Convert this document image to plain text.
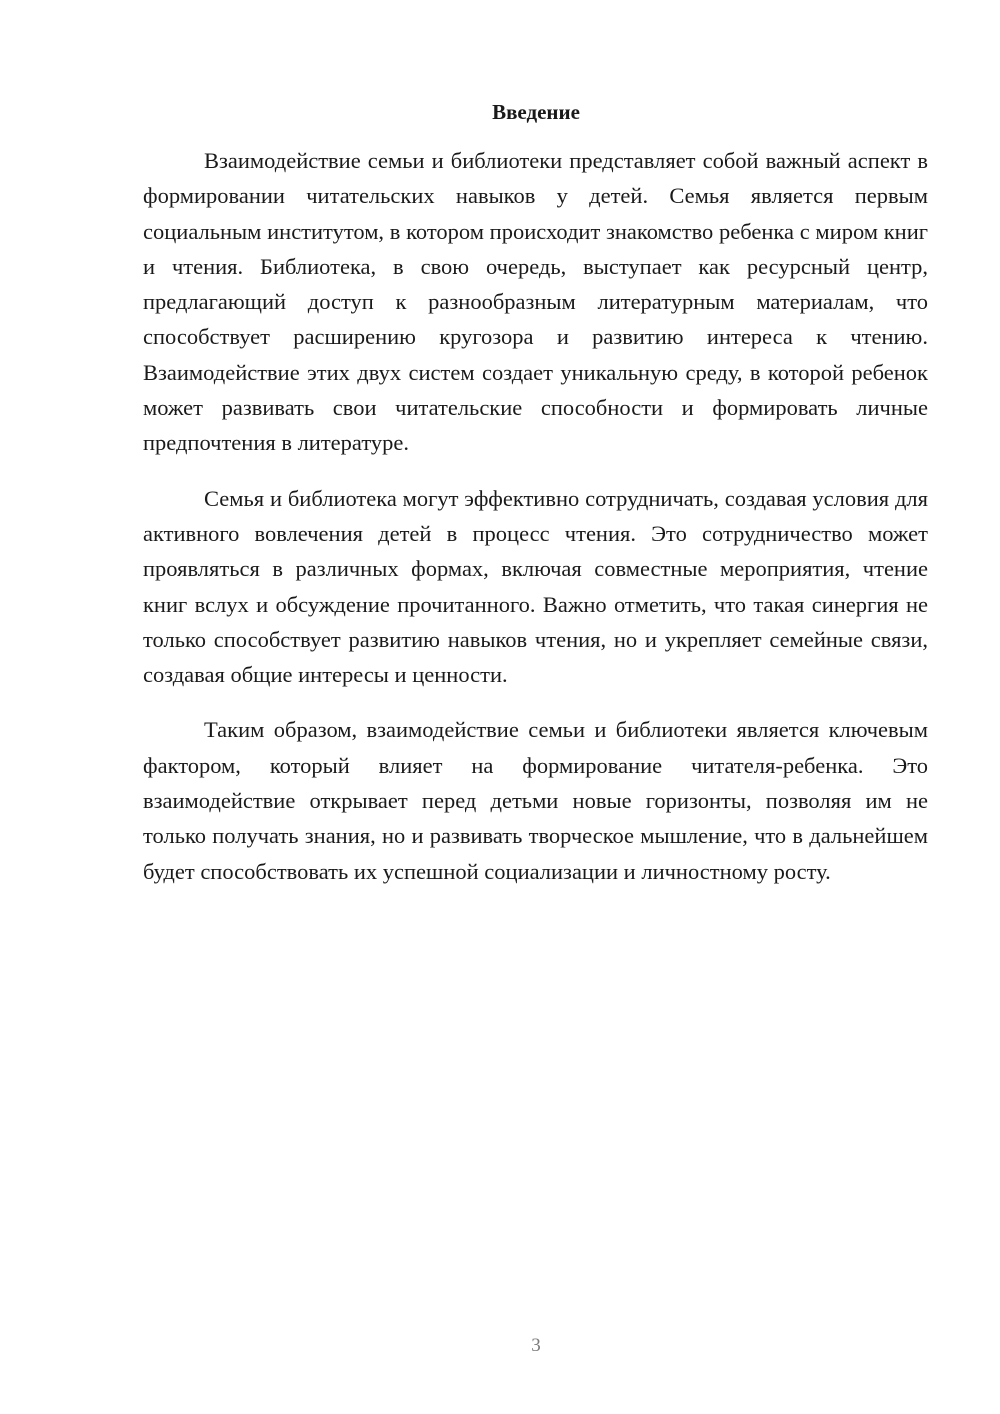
Введение

Взаимодействие семьи и библиотеки представляет собой важный аспект в формировании читательских навыков у детей. Семья является первым социальным институтом, в котором происходит знакомство ребенка с миром книг и чтения. Библиотека, в свою очередь, выступает как ресурсный центр, предлагающий доступ к разнообразным литературным материалам, что способствует расширению кругозора и развитию интереса к чтению. Взаимодействие этих двух систем создает уникальную среду, в которой ребенок может развивать свои читательские способности и формировать личные предпочтения в литературе.

Семья и библиотека могут эффективно сотрудничать, создавая условия для активного вовлечения детей в процесс чтения. Это сотрудничество может проявляться в различных формах, включая совместные мероприятия, чтение книг вслух и обсуждение прочитанного. Важно отметить, что такая синергия не только способствует развитию навыков чтения, но и укрепляет семейные связи, создавая общие интересы и ценности.

Таким образом, взаимодействие семьи и библиотеки является ключевым фактором, который влияет на формирование читателя-ребенка. Это взаимодействие открывает перед детьми новые горизонты, позволяя им не только получать знания, но и развивать творческое мышление, что в дальнейшем будет способствовать их успешной социализации и личностному росту.

3
